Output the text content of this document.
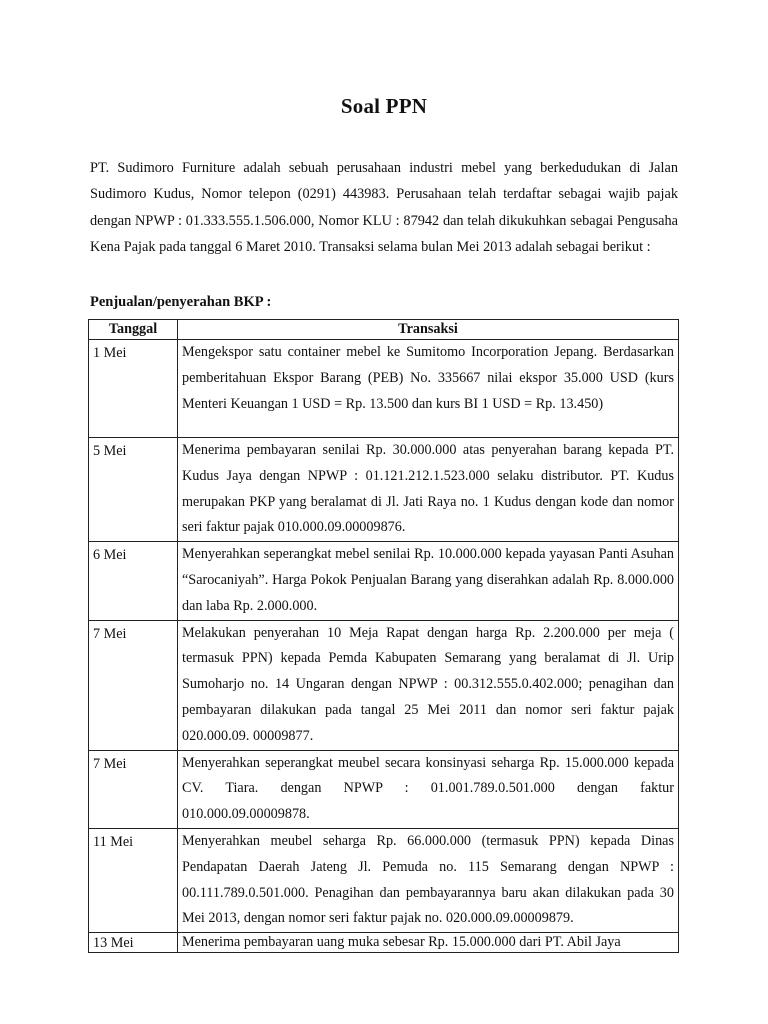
Soal PPN

PT. Sudimoro Furniture adalah sebuah perusahaan industri mebel yang berkedudukan di Jalan Sudimoro Kudus, Nomor telepon (0291) 443983. Perusahaan telah terdaftar sebagai wajib pajak dengan NPWP : 01.333.555.1.506.000, Nomor KLU : 87942 dan telah dikukuhkan sebagai Pengusaha Kena Pajak pada tanggal 6 Maret 2010. Transaksi selama bulan Mei 2013 adalah sebagai berikut :

Penjualan/penyerahan BKP :

Tanggal	Transaksi
1 Mei	Mengekspor satu container mebel ke Sumitomo Incorporation Jepang. Berdasarkan pemberitahuan Ekspor Barang (PEB) No. 335667 nilai ekspor 35.000 USD (kurs Menteri Keuangan 1 USD = Rp. 13.500 dan kurs BI 1 USD = Rp. 13.450)
5 Mei	Menerima pembayaran senilai Rp. 30.000.000 atas penyerahan barang kepada PT. Kudus Jaya dengan NPWP : 01.121.212.1.523.000 selaku distributor. PT. Kudus merupakan PKP yang beralamat di Jl. Jati Raya no. 1 Kudus dengan kode dan nomor seri faktur pajak 010.000.09.00009876.
6 Mei	Menyerahkan seperangkat mebel senilai Rp. 10.000.000 kepada yayasan Panti Asuhan “Sarocaniyah”. Harga Pokok Penjualan Barang yang diserahkan adalah Rp. 8.000.000 dan laba Rp. 2.000.000.
7 Mei	Melakukan penyerahan 10 Meja Rapat dengan harga Rp. 2.200.000 per meja ( termasuk PPN) kepada Pemda Kabupaten Semarang yang beralamat di Jl. Urip Sumoharjo no. 14 Ungaran dengan NPWP : 00.312.555.0.402.000; penagihan dan pembayaran dilakukan pada tangal 25 Mei 2011 dan nomor seri faktur pajak 020.000.09. 00009877.
7 Mei	Menyerahkan seperangkat meubel secara konsinyasi seharga Rp. 15.000.000 kepada CV. Tiara. dengan NPWP : 01.001.789.0.501.000 dengan faktur 010.000.09.00009878.
11 Mei	Menyerahkan meubel seharga Rp. 66.000.000 (termasuk PPN) kepada Dinas Pendapatan Daerah Jateng Jl. Pemuda no. 115 Semarang dengan NPWP : 00.111.789.0.501.000. Penagihan dan pembayarannya baru akan dilakukan pada 30 Mei 2013, dengan nomor seri faktur pajak no. 020.000.09.00009879.
13 Mei	Menerima pembayaran uang muka sebesar Rp. 15.000.000 dari PT. Abil Jaya
